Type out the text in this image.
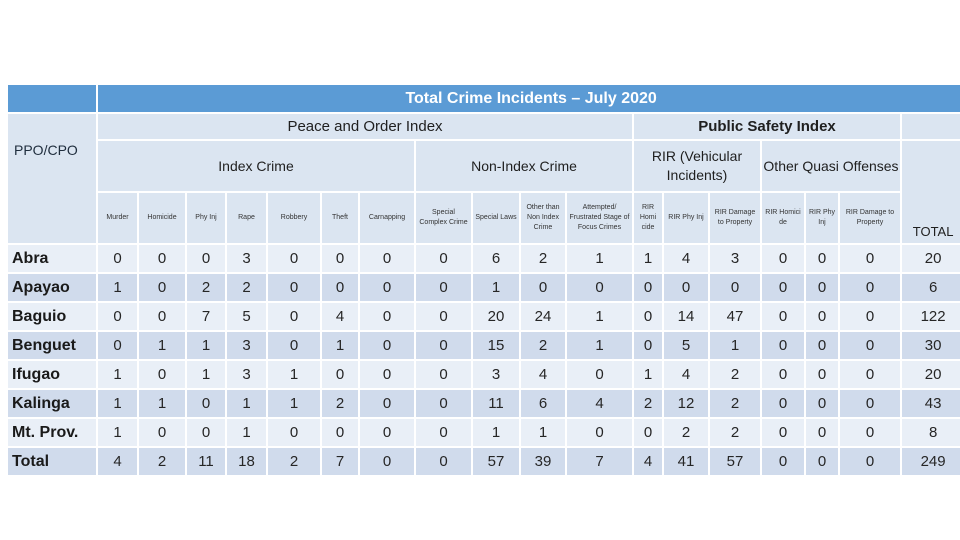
	Total Crime Incidents – July 2020																	

PPO/CPO	Peace and Order Index											Public Safety Index						
	Index Crime							Non-Index Crime				RIR (Vehicular Incidents)			Other Quasi Offenses			TOTAL

	Murder	Homicide	Phy Inj	Rape	Robbery	Theft	Carnapping	Special Complex Crime	Special Laws	Other than Non Index Crime	Attempted/ Frustrated Stage of Focus Crimes	RIR Homi cide	RIR Phy Inj	RIR Damage to Property	RIR Homici de	RIR Phy Inj	RIR Damage to Property	
Abra	0	0	0	3	0	0	0	0	6	2	1	1	4	3	0	0	0	20
Apayao	1	0	2	2	0	0	0	0	1	0	0	0	0	0	0	0	0	6
Baguio	0	0	7	5	0	4	0	0	20	24	1	0	14	47	0	0	0	122
Benguet	0	1	1	3	0	1	0	0	15	2	1	0	5	1	0	0	0	30
Ifugao	1	0	1	3	1	0	0	0	3	4	0	1	4	2	0	0	0	20
Kalinga	1	1	0	1	1	2	0	0	11	6	4	2	12	2	0	0	0	43
Mt. Prov.	1	0	0	1	0	0	0	0	1	1	0	0	2	2	0	0	0	8
Total	4	2	11	18	2	7	0	0	57	39	7	4	41	57	0	0	0	249
